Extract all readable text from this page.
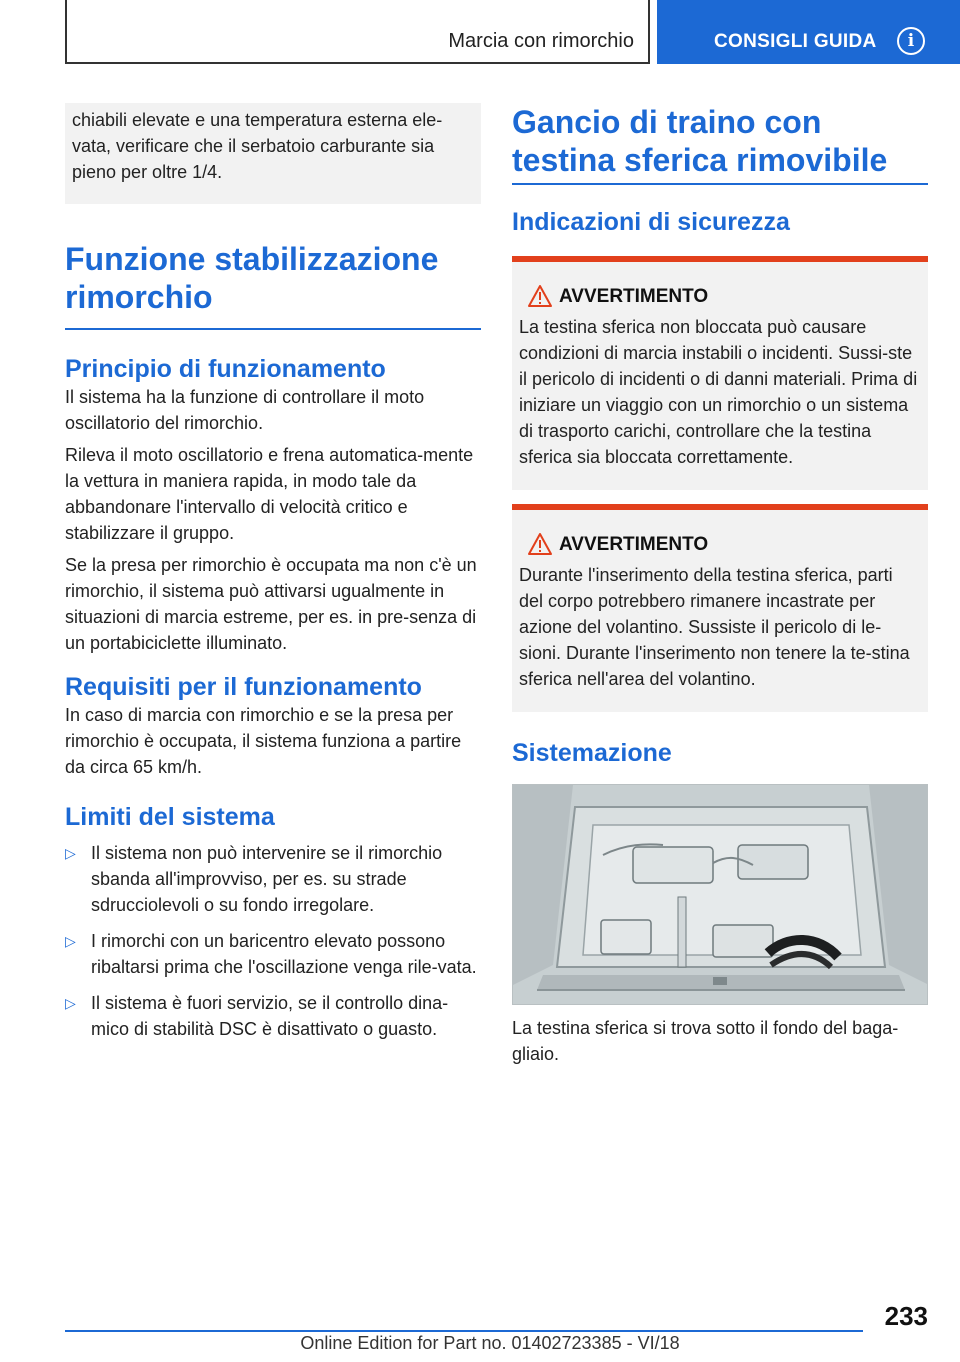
Marcia con rimorchio	CONSIGLI GUIDA	i

chiabili elevate e una temperatura esterna ele-vata, verificare che il serbatoio carburante sia pieno per oltre 1/4.

Funzione stabilizzazione rimorchio
Principio di funzionamento

Il sistema ha la funzione di controllare il moto oscillatorio del rimorchio.

Rileva il moto oscillatorio e frena automatica-mente la vettura in maniera rapida, in modo tale da abbandonare l'intervallo di velocità critico e stabilizzare il gruppo.

Se la presa per rimorchio è occupata ma non c'è un rimorchio, il sistema può attivarsi ugualmente in situazioni di marcia estreme, per es. in pre-senza di un portabiciclette illuminato.

Requisiti per il funzionamento

In caso di marcia con rimorchio e se la presa per rimorchio è occupata, il sistema funziona a partire da circa 65 km/h.

Limiti del sistema
▷ Il sistema non può intervenire se il rimorchio sbanda all'improvviso, per es. su strade sdrucciolevoli o su fondo irregolare.
▷ I rimorchi con un baricentro elevato possono ribaltarsi prima che l'oscillazione venga rile-vata.
▷ Il sistema è fuori servizio, se il controllo dina-mico di stabilità DSC è disattivato o guasto.
Gancio di traino con testina sferica rimovibile
Indicazioni di sicurezza
AVVERTIMENTO

La testina sferica non bloccata può causare condizioni di marcia instabili o incidenti. Sussi-ste il pericolo di incidenti o di danni materiali. Prima di iniziare un viaggio con un rimorchio o un sistema di trasporto carichi, controllare che la testina sferica sia bloccata correttamente.

AVVERTIMENTO

Durante l'inserimento della testina sferica, parti del corpo potrebbero rimanere incastrate per azione del volantino. Sussiste il pericolo di le-sioni. Durante l'inserimento non tenere la te-stina sferica nell'area del volantino.

Sistemazione

La testina sferica si trova sotto il fondo del baga-gliaio.

233
Online Edition for Part no. 01402723385 - VI/18
